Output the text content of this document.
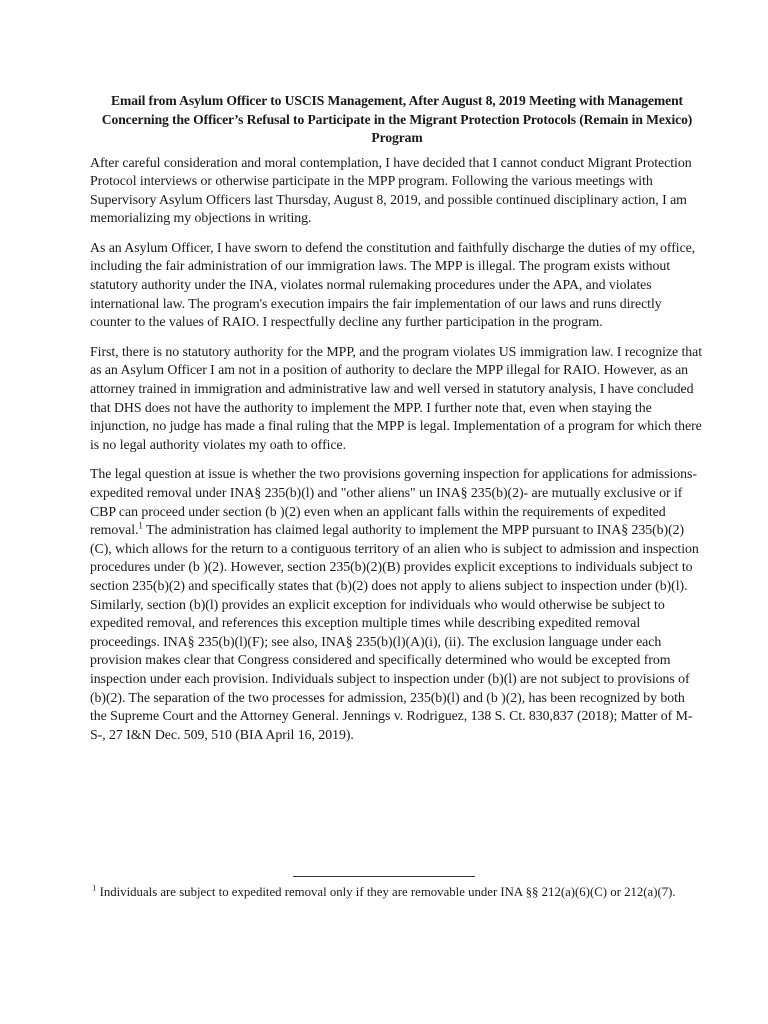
Email from Asylum Officer to USCIS Management, After August 8, 2019 Meeting with Management Concerning the Officer’s Refusal to Participate in the Migrant Protection Protocols (Remain in Mexico) Program

After careful consideration and moral contemplation, I have decided that I cannot conduct Migrant Protection Protocol interviews or otherwise participate in the MPP program. Following the various meetings with Supervisory Asylum Officers last Thursday, August 8, 2019, and possible continued disciplinary action, I am memorializing my objections in writing.

As an Asylum Officer, I have sworn to defend the constitution and faithfully discharge the duties of my office, including the fair administration of our immigration laws. The MPP is illegal. The program exists without statutory authority under the INA, violates normal rulemaking procedures under the APA, and violates international law. The program's execution impairs the fair implementation of our laws and runs directly counter to the values of RAIO. I respectfully decline any further participation in the program.

First, there is no statutory authority for the MPP, and the program violates US immigration law. I recognize that as an Asylum Officer I am not in a position of authority to declare the MPP illegal for RAIO. However, as an attorney trained in immigration and administrative law and well versed in statutory analysis, I have concluded that DHS does not have the authority to implement the MPP. I further note that, even when staying the injunction, no judge has made a final ruling that the MPP is legal. Implementation of a program for which there is no legal authority violates my oath to office.

The legal question at issue is whether the two provisions governing inspection for applications for admissions-expedited removal under INA§ 235(b)(l) and "other aliens" un INA§ 235(b)(2)- are mutually exclusive or if CBP can proceed under section (b )(2) even when an applicant falls within the requirements of expedited removal.$^1$ The administration has claimed legal authority to implement the MPP pursuant to INA§ 235(b)(2)(C), which allows for the return to a contiguous territory of an alien who is subject to admission and inspection procedures under (b )(2). However, section 235(b)(2)(B) provides explicit exceptions to individuals subject to section 235(b)(2) and specifically states that (b)(2) does not apply to aliens subject to inspection under (b)(l). Similarly, section (b)(l) provides an explicit exception for individuals who would otherwise be subject to expedited removal, and references this exception multiple times while describing expedited removal proceedings. INA§ 235(b)(l)(F); see also, INA§ 235(b)(l)(A)(i), (ii). The exclusion language under each provision makes clear that Congress considered and specifically determined who would be excepted from inspection under each provision. Individuals subject to inspection under (b)(l) are not subject to provisions of (b)(2). The separation of the two processes for admission, 235(b)(l) and (b )(2), has been recognized by both the Supreme Court and the Attorney General. Jennings v. Rodriguez, 138 S. Ct. 830,837 (2018); Matter of M-S-, 27 I&N Dec. 509, 510 (BIA April 16, 2019).

$^1$ Individuals are subject to expedited removal only if they are removable under INA §§ 212(a)(6)(C) or 212(a)(7).
